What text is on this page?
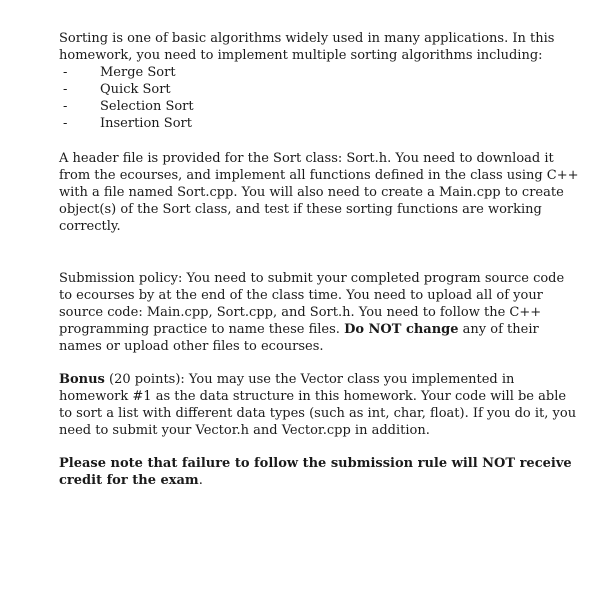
Sorting is one of basic algorithms widely used in many applications. In this homework, you need to implement multiple sorting algorithms including:

-	Merge Sort
-	Quick Sort
-	Selection Sort
-	Insertion Sort

A header file is provided for the Sort class: Sort.h. You need to download it from the ecourses, and implement all functions defined in the class using C++ with a file named Sort.cpp. You will also need to create a Main.cpp to create object(s) of the Sort class, and test if these sorting functions are working correctly.

Submission policy: You need to submit your completed program source code to ecourses by at the end of the class time. You need to upload all of your source code: Main.cpp, Sort.cpp, and Sort.h. You need to follow the C++ programming practice to name these files. Do NOT change any of their names or upload other files to ecourses.

Bonus (20 points): You may use the Vector class you implemented in homework #1 as the data structure in this homework. Your code will be able to sort a list with different data types (such as int, char, float). If you do it, you need to submit your Vector.h and Vector.cpp in addition.

Please note that failure to follow the submission rule will NOT receive credit for the exam.
